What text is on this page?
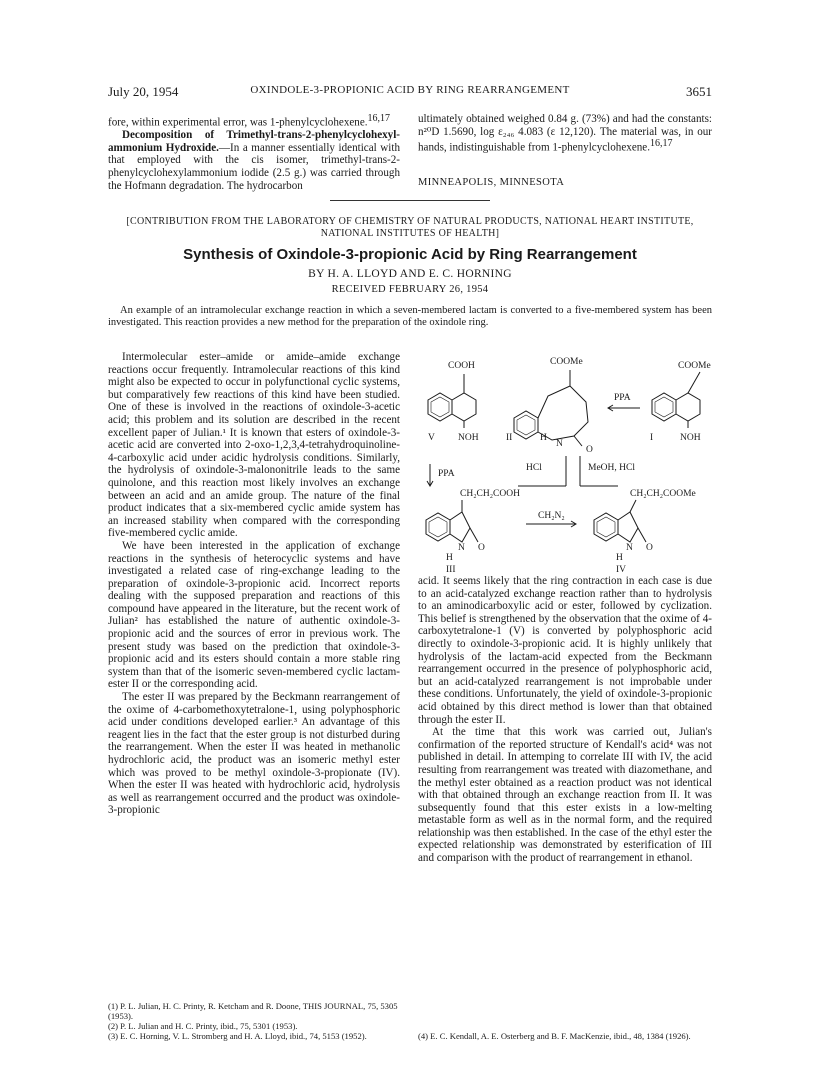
July 20, 1954	OXINDOLE-3-PROPIONIC ACID BY RING REARRANGEMENT	3651

fore, within experimental error, was 1-phenylcyclohexene.$^{16,17}$

Decomposition of Trimethyl-trans-2-phenylcyclohexyl-ammonium Hydroxide.—In a manner essentially identical with that employed with the cis isomer, trimethyl-trans-2-phenylcyclohexylammonium iodide (2.5 g.) was carried through the Hofmann degradation. The hydrocarbon

ultimately obtained weighed 0.84 g. (73%) and had the constants: n²⁰D 1.5690, log ε₂₄₆ 4.083 (ε 12,120). The material was, in our hands, indistinguishable from 1-phenylcyclohexene.$^{16,17}$

MINNEAPOLIS, MINNESOTA
[CONTRIBUTION FROM THE LABORATORY OF CHEMISTRY OF NATURAL PRODUCTS, NATIONAL HEART INSTITUTE, NATIONAL INSTITUTES OF HEALTH]
Synthesis of Oxindole-3-propionic Acid by Ring Rearrangement
BY H. A. LLOYD AND E. C. HORNING
RECEIVED FEBRUARY 26, 1954
An example of an intramolecular exchange reaction in which a seven-membered lactam is converted to a five-membered system has been investigated. This reaction provides a new method for the preparation of the oxindole ring.

Intermolecular ester–amide or amide–amide exchange reactions occur frequently. Intramolecular reactions of this kind might also be expected to occur in polyfunctional cyclic systems, but comparatively few reactions of this kind have been studied. One of these is involved in the reactions of oxindole-3-acetic acid; this problem and its solution are described in the recent excellent paper of Julian.¹ It is known that esters of oxindole-3-acetic acid are converted into 2-oxo-1,2,3,4-tetrahydroquinoline-4-carboxylic acid under acidic hydrolysis conditions. Similarly, the hydrolysis of oxindole-3-malononitrile leads to the same quinolone, and this reaction most likely involves an exchange between an acid and an amide group. The nature of the final product indicates that a six-membered cyclic amide system has an increased stability when compared with the corresponding five-membered cyclic amide.

We have been interested in the application of exchange reactions in the synthesis of heterocyclic systems and have investigated a related case of ring-exchange leading to the preparation of oxindole-3-propionic acid. Incorrect reports dealing with the supposed preparation and reactions of this compound have appeared in the literature, but the recent work of Julian² has established the nature of authentic oxindole-3-propionic acid and the sources of error in previous work. The present study was based on the prediction that oxindole-3-propionic acid and its esters should contain a more stable ring system than that of the isomeric seven-membered cyclic lactam-ester II or the corresponding acid.

The ester II was prepared by the Beckmann rearrangement of the oxime of 4-carbomethoxytetralone-1, using polyphosphoric acid under conditions developed earlier.³ An advantage of this reagent lies in the fact that the ester group is not disturbed during the rearrangement. When the ester II was heated in methanolic hydrochloric acid, the product was an isomeric methyl ester which was proved to be methyl oxindole-3-propionate (IV). When the ester II was heated with hydrochloric acid, hydrolysis as well as rearrangement occurred and the product was oxindole-3-propionic

(1) P. L. Julian, H. C. Printy, R. Ketcham and R. Doone, THIS JOURNAL, 75, 5305 (1953).
(2) P. L. Julian and H. C. Printy, ibid., 75, 5301 (1953).
(3) E. C. Horning, V. L. Stromberg and H. A. Lloyd, ibid., 74, 5153 (1952).
COOH	COOMe	COOMe
PPA
V NOH	II
N
H
O
I	NOH
PPA
HCl	MeOH, HCl
CH₂CH₂COOH	CH₂CH₂COOMe
CH₂N₂
N
H
O
III
N
H
O
IV

acid. It seems likely that the ring contraction in each case is due to an acid-catalyzed exchange reaction rather than to hydrolysis to an aminodicarboxylic acid or ester, followed by cyclization. This belief is strengthened by the observation that the oxime of 4-carboxytetralone-1 (V) is converted by polyphosphoric acid directly to oxindole-3-propionic acid. It is highly unlikely that hydrolysis of the lactam-acid expected from the Beckmann rearrangement occurred in the presence of polyphosphoric acid, but an acid-catalyzed rearrangement is not improbable under these conditions. Unfortunately, the yield of oxindole-3-propionic acid obtained by this direct method is lower than that obtained through the ester II.

At the time that this work was carried out, Julian's confirmation of the reported structure of Kendall's acid⁴ was not published in detail. In attemping to correlate III with IV, the acid resulting from rearrangement was treated with diazomethane, and the methyl ester obtained as a reaction product was not identical with that obtained through an exchange reaction from II. It was subsequently found that this ester exists in a low-melting metastable form as well as in the normal form, and the required relationship was then established. In the case of the ethyl ester the expected relationship was demonstrated by esterification of III and comparison with the product of rearrangement in ethanol.

(4) E. C. Kendall, A. E. Osterberg and B. F. MacKenzie, ibid., 48, 1384 (1926).
